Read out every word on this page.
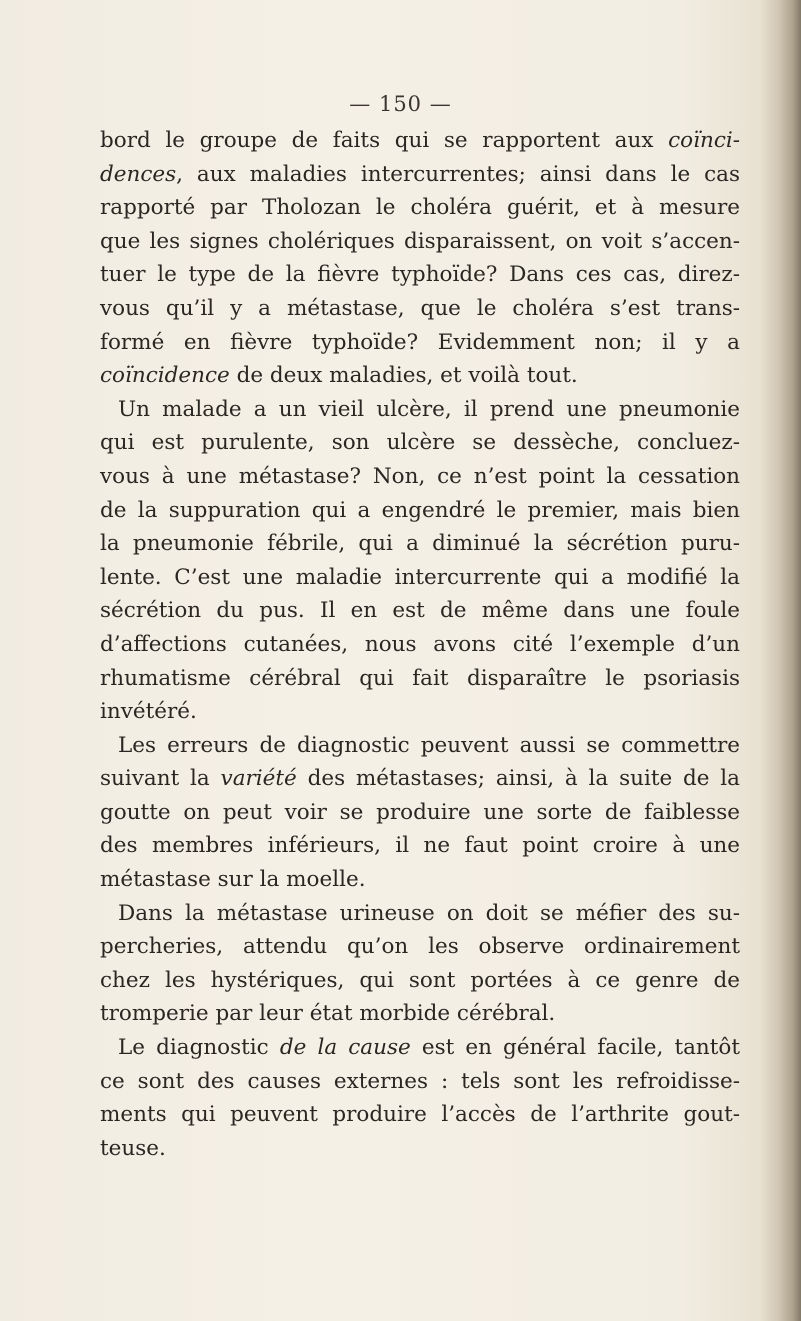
— 150 —
bord le groupe de faits qui se rapportent aux coïnci-
dences, aux maladies intercurrentes; ainsi dans le cas
rapporté par Tholozan le choléra guérit, et à mesure
que les signes cholériques disparaissent, on voit s’accen-
tuer le type de la fièvre typhoïde? Dans ces cas, direz-
vous qu’il y a métastase, que le choléra s’est trans-
formé en fièvre typhoïde? Evidemment non; il y a
coïncidence de deux maladies, et voilà tout.
Un malade a un vieil ulcère, il prend une pneumonie
qui est purulente, son ulcère se dessèche, concluez-
vous à une métastase? Non, ce n’est point la cessation
de la suppuration qui a engendré le premier, mais bien
la pneumonie fébrile, qui a diminué la sécrétion puru-
lente. C’est une maladie intercurrente qui a modifié la
sécrétion du pus. Il en est de même dans une foule
d’affections cutanées, nous avons cité l’exemple d’un
rhumatisme cérébral qui fait disparaître le psoriasis
invétéré.
Les erreurs de diagnostic peuvent aussi se commettre
suivant la variété des métastases; ainsi, à la suite de la
goutte on peut voir se produire une sorte de faiblesse
des membres inférieurs, il ne faut point croire à une
métastase sur la moelle.
Dans la métastase urineuse on doit se méfier des su-
percheries, attendu qu’on les observe ordinairement
chez les hystériques, qui sont portées à ce genre de
tromperie par leur état morbide cérébral.
Le diagnostic de la cause est en général facile, tantôt
ce sont des causes externes : tels sont les refroidisse-
ments qui peuvent produire l’accès de l’arthrite gout-
teuse.
